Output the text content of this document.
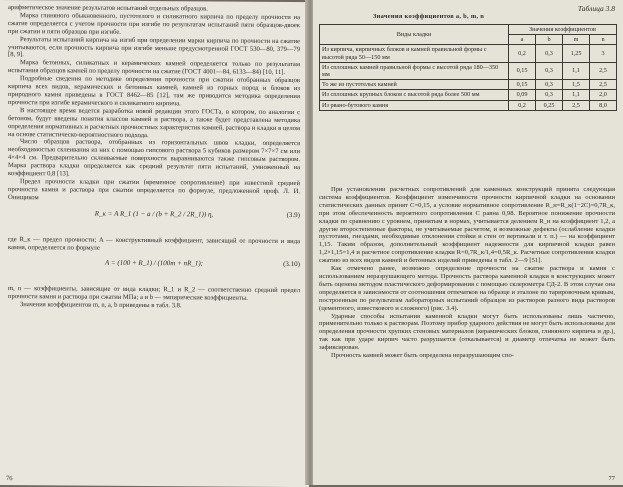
арифметическое значение результатов испытаний отдельных образцов.

Марка глиняного обыкновенного, пустотелого и силикатного кирпича по пределу прочности на сжатие определяется с учетом прочности при изгибе по результатам испытаний пяти образцов-двоек при сжатии и пяти образцов при изгибе.

Результаты испытаний кирпича на изгиб при определении марки кирпича по прочности на сжатие учитываются, если прочность кирпича при изгибе меньше предусмотренной ГОСТ 530—80, 379—79 [8, 9].

Марка бетонных, силикатных и керамических камней определяется только по результатам испытания образцов камней по пределу прочности на сжатие (ГОСТ 4001—84, 6133—84) [10, 11].

Подробные сведения по методике определения прочности при сжатии отобранных образцов кирпича всех видов, керамических и бетонных камней, камней из горных пород и блоков из природного камня приведены в ГОСТ 8462—85 [12], там же приводится методика определения прочности при изгибе керамического и силикатного кирпича.

В настоящее время ведется разработка новой редакции этого ГОСТа, в котором, по аналогии с бетоном, будут введены понятия классов камней и раствора, а также будет представлена методика определения нормативных и расчетных прочностных характеристик камней, раствора и кладки в целом на основе статистическо-вероятностного подхода.

Число образцов раствора, отобранных из горизонтальных швов кладки, определяется необходимостью склеивания из них с помощью гипсового раствора 5 кубиков размером 7×7×7 см или 4×4×4 см. Предварительно склеиваемые поверхности выравниваются также гипсовым раствором. Марка раствора кладки определяется как средний результат пяти испытаний, умноженный на коэффициент 0,8 [13].

Предел прочности кладки при сжатии (временное сопротивление) при известной средней прочности камня и раствора при сжатии определяется по формуле, предложенной проф. Л. И. Онищиком

R_к = A R_1 (1 − a / (b + R_2 / 2R_1)) η,	(3.9)

где R_к — предел прочности; A — конструктивный коэффициент, зависящий от прочности и вида камня, определяется по формуле

A = (100 + R_1) / (100m + nR_1);	(3.10)

m, n — коэффициенты, зависящие от вида кладки; R_1 и R_2 — соответственно средний предел прочности камня и раствора при сжатии МПа; a и b — эмпирические коэффициенты.

Значения коэффициентов m, n, a, b приведены в табл. 3.8.

76
Таблица 3.8
Значения коэффициентов a, b, m, n
Виды кладки	Значения коэффициентов			
	a	b	m	n
Из кирпича, кирпичных блоков и камней правильной формы с высотой ряда 50—150 мм	0,2	0,3	1,25	3
Из сплошных камней правильной формы с высотой ряда 180—350 мм	0,15	0,3	1,1	2,5
То же из пустотелых камней	0,15	0,3	1,5	2,5
Из сплошных крупных блоков с высотой ряда более 500 мм	0,09	0,3	1,1	2,0
Из рвано-бутового камня	0,2	0,25	2,5	8,0

При установлении расчетных сопротивлений для каменных конструкций принята следующая система коэффициентов. Коэффициент изменчивости прочности кирпичной кладки на основании статистических данных принят C=0,15, а условие нормативное сопротивление R_н=R_к(1−2C)=0,7R_к, при этом обеспеченность вероятного сопротивления C равна 0,98. Вероятное понижение прочности кладки по сравнению с уровнем, принятым в нормах, учитывается делением R_н на коэффициент 1,2, а другие второстепенные факторы, не учитываемые расчетом, и возможные дефекты (ослабление кладки пустотами, гнездами, необходимые отклонения стойки и стен от вертикали и т. п.) — на коэффициент 1,15. Таким образом, дополнительный коэффициент надежности для кирпичной кладки равен 1,2×1,15=1,4 и расчетное сопротивление кладки R=0,7R_к/1,4=0,5R_к. Расчетные сопротивления кладки сжатию из всех видов камней и бетонных изделий приведены в табл. 2—9 [51].

Как отмечено ранее, возможно определение прочности на сжатие раствора и камня с использованием неразрушающего метода. Прочность раствора каменной кладки в конструкциях может быть оценена методом пластического деформирования с помощью склерометра СД-2. В этом случае она определяется в зависимости от соотношения отпечатков на образце и эталоне по тарировочным кривым, построенным по результатам лабораторных испытаний образцов из растворов разного вида растворов (цементного, известкового и сложного) (рис. 3.4).

Ударные способы испытания каменной кладки могут быть использованы лишь частично, применительно только к растворам. Поэтому прибор ударного действия не могут быть использованы для определения прочности хрупких стеновых материалов (керамических блоков, глиняного кирпича и др.), так как при ударе кирпич часто разрушается (откалывается) и диаметр отпечатка не может быть зафиксирован.

Прочность камней может быть определена неразрушающим спо-

77
